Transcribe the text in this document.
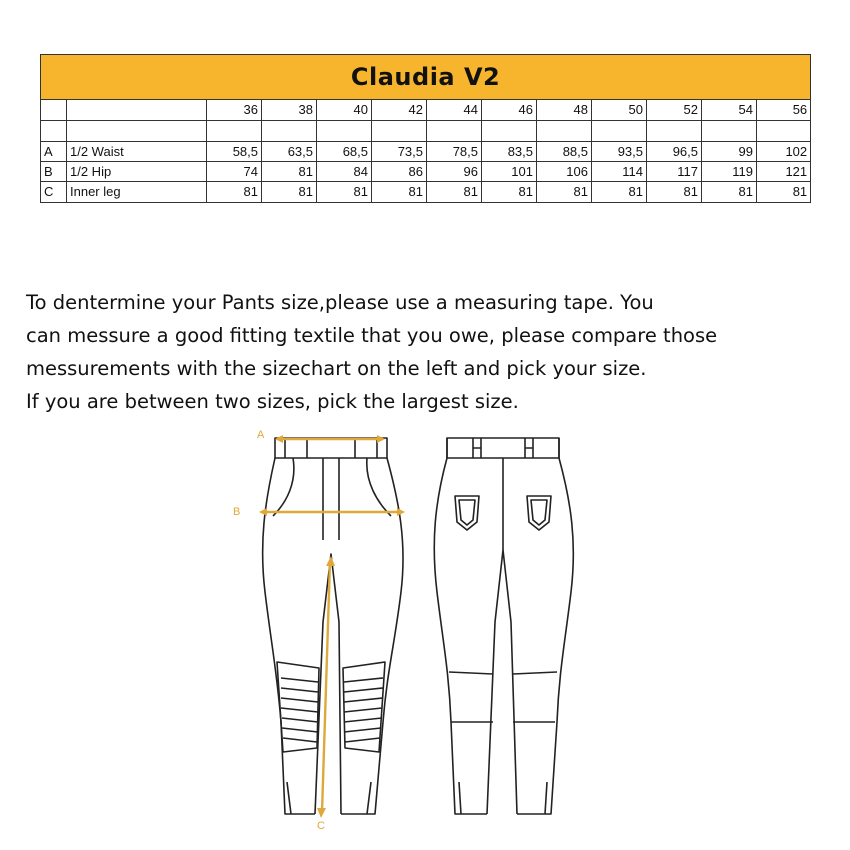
Claudia V2												
		36	38	40	42	44	46	48	50	52	54	56

A	1/2 Waist	58,5	63,5	68,5	73,5	78,5	83,5	88,5	93,5	96,5	99	102
B	1/2 Hip	74	81	84	86	96	101	106	114	117	119	121
C	Inner leg	81	81	81	81	81	81	81	81	81	81	81

To dentermine your Pants size,please use a measuring tape. You
can messure a good fitting textile that you owe, please compare those
messurements with the sizechart on the left and pick your size.
If you are between two sizes, pick the largest size.

A
B
C
